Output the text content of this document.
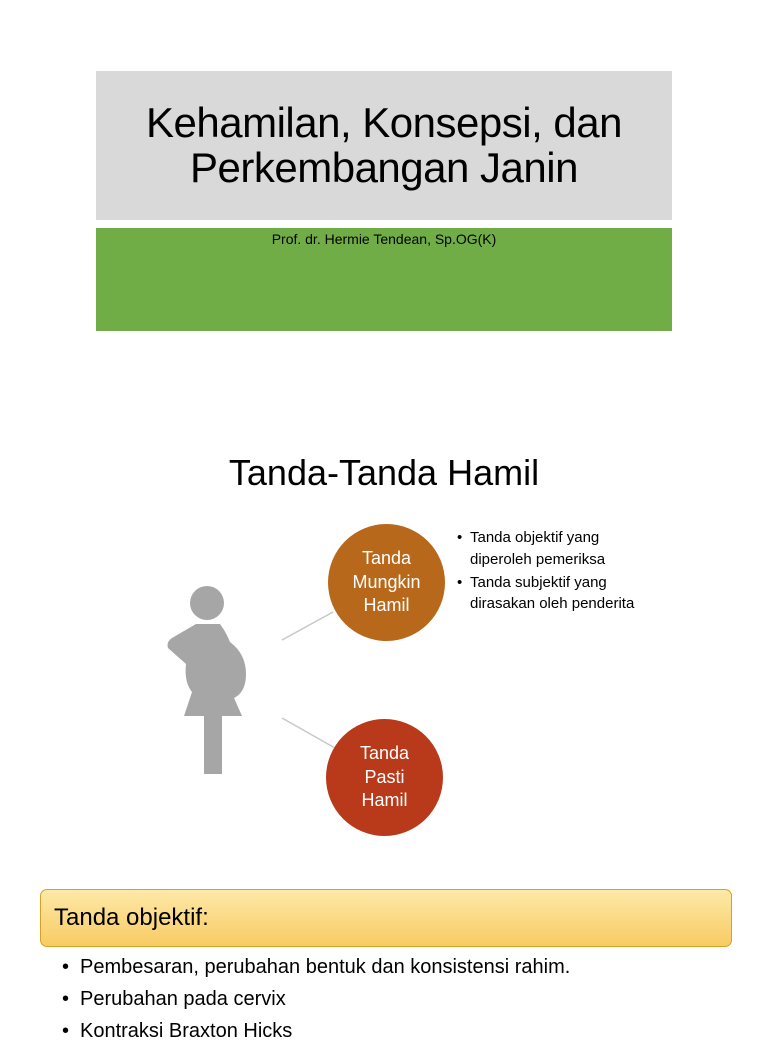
Kehamilan, Konsepsi, dan
Perkembangan Janin
Prof. dr. Hermie Tendean, Sp.OG(K)
Tanda-Tanda Hamil
Tanda
Mungkin
Hamil
Tanda
Pasti
Hamil
• Tanda objektif yang diperoleh pemeriksa
• Tanda subjektif yang dirasakan oleh penderita
Tanda objektif:
• Pembesaran, perubahan bentuk dan konsistensi rahim.
• Perubahan pada cervix
• Kontraksi Braxton Hicks
